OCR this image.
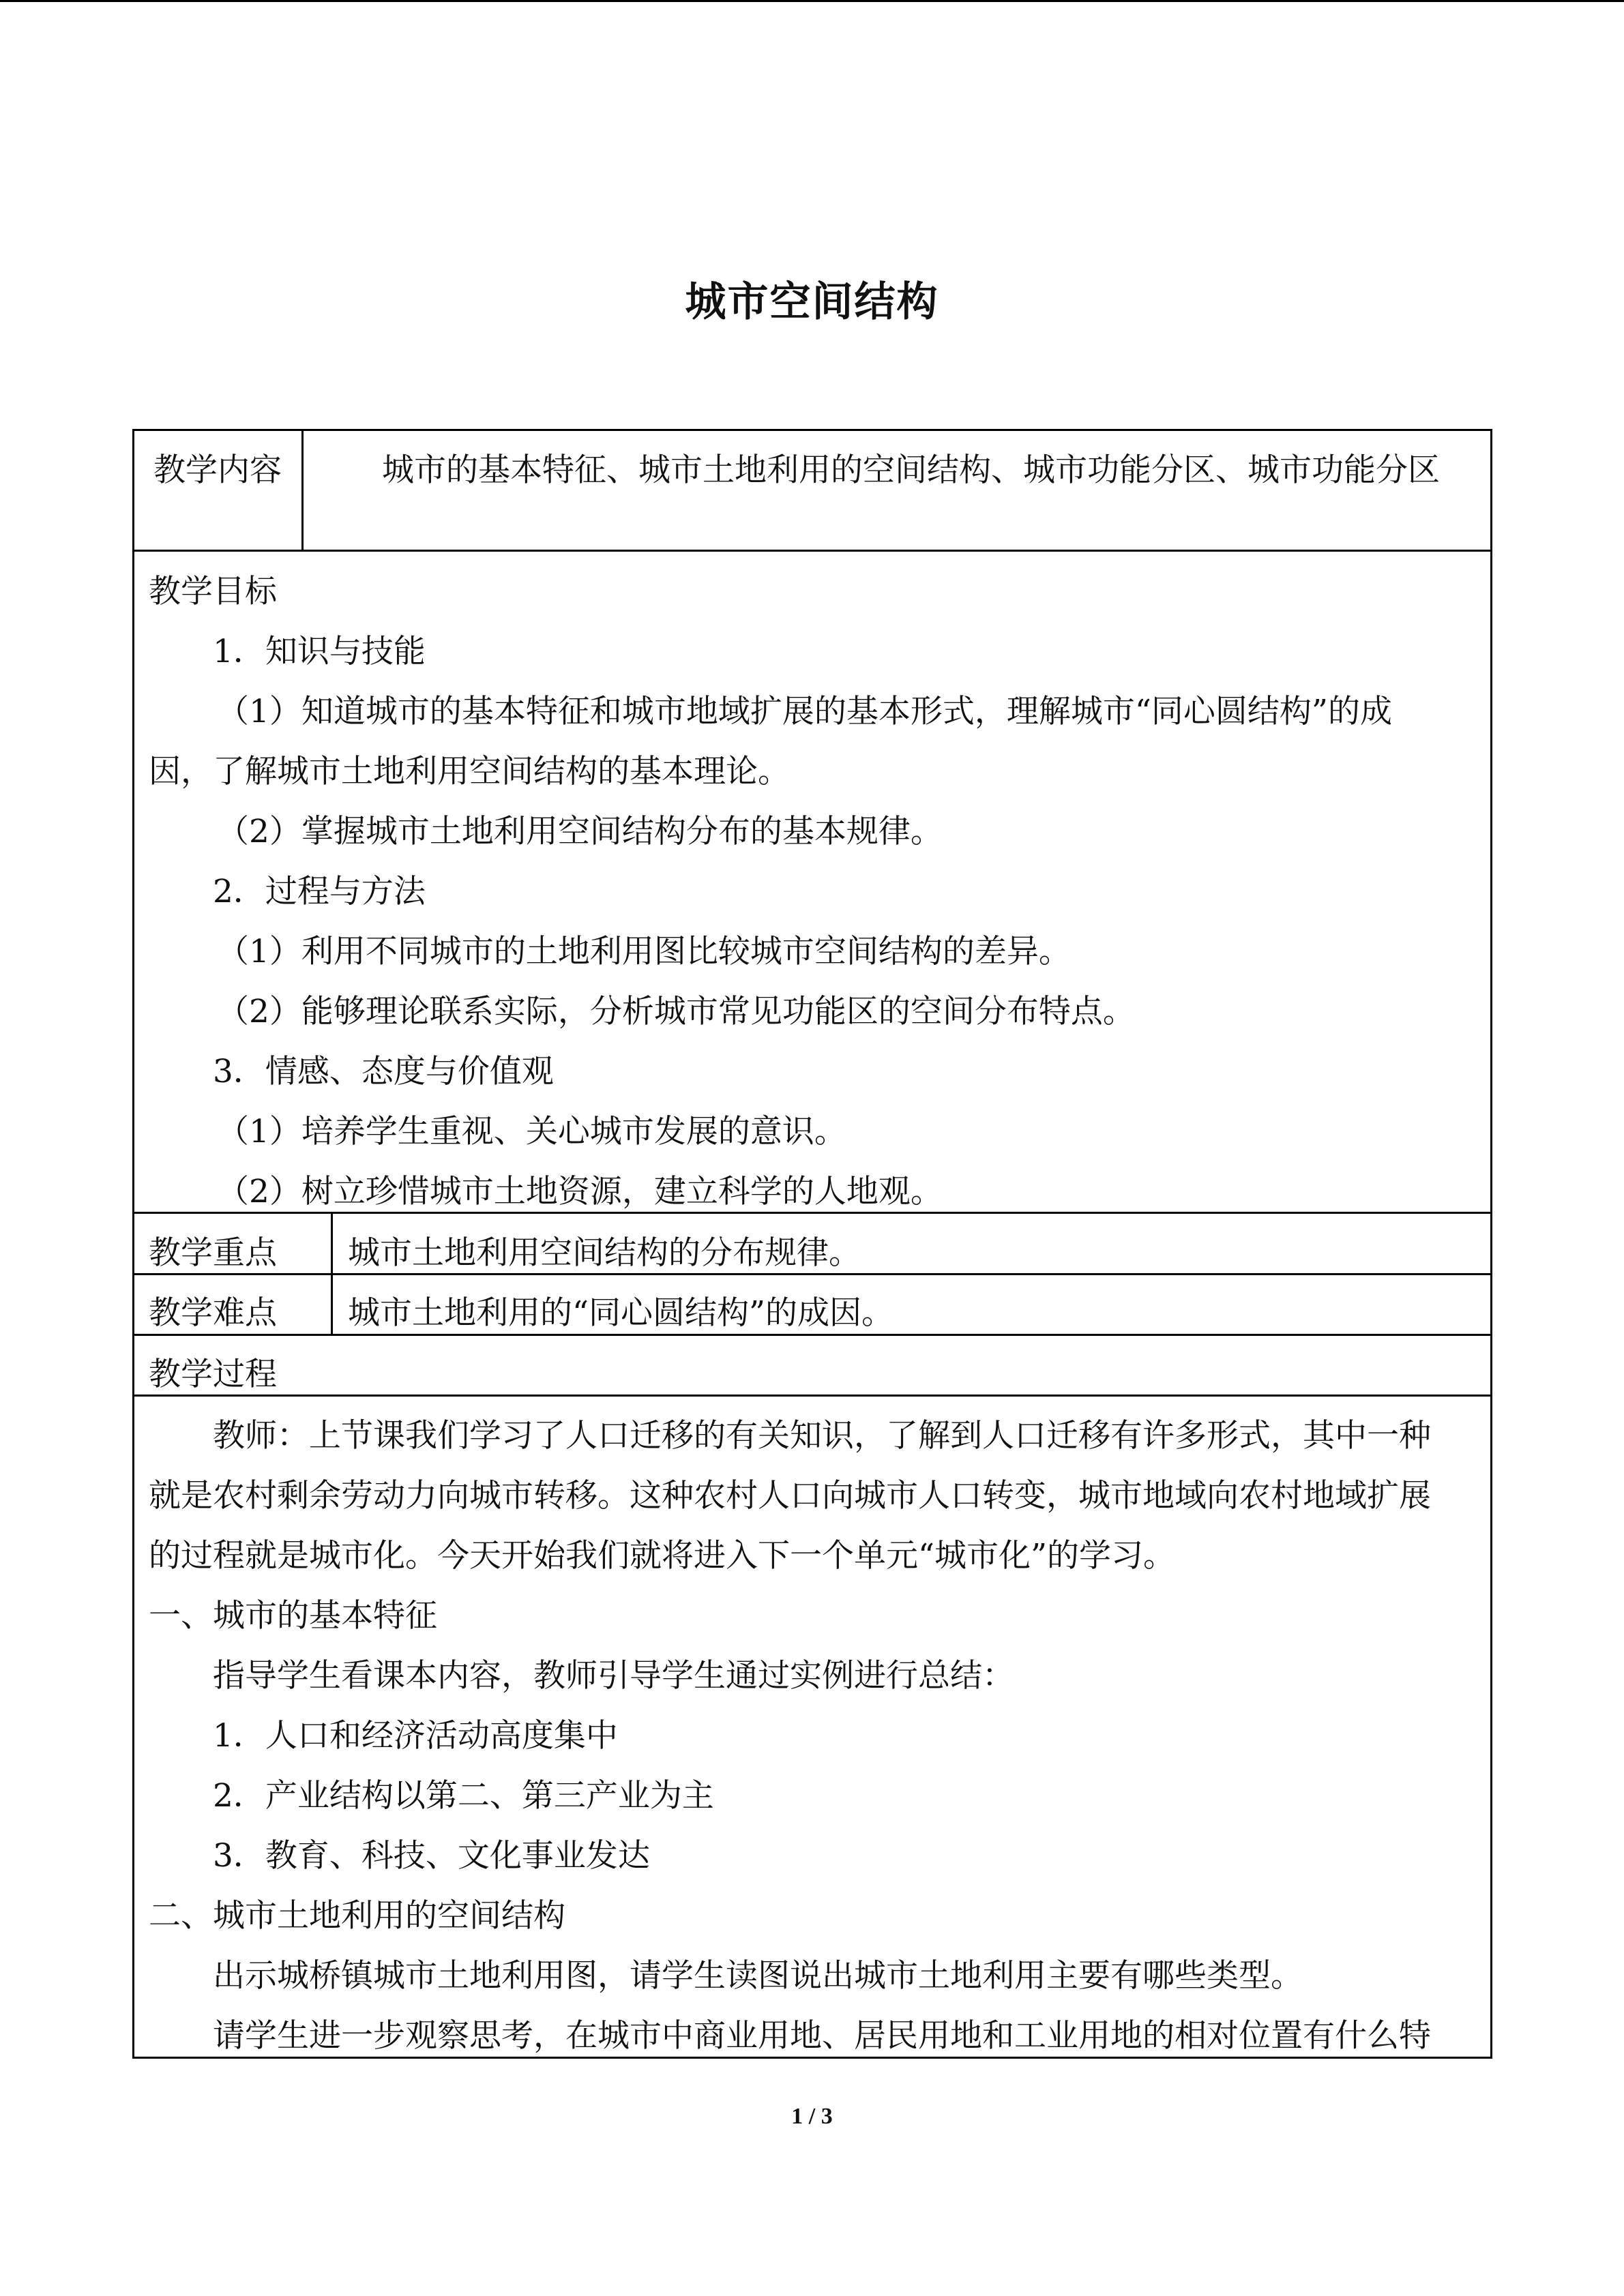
城市空间结构
教学内容	城市的基本特征、城市土地利用的空间结构、城市功能分区、城市功能分区
教学目标
1．知识与技能
（1）知道城市的基本特征和城市地域扩展的基本形式，理解城市“同心圆结构”的成
因，了解城市土地利用空间结构的基本理论。
（2）掌握城市土地利用空间结构分布的基本规律。
2．过程与方法
（1）利用不同城市的土地利用图比较城市空间结构的差异。
（2）能够理论联系实际，分析城市常见功能区的空间分布特点。
3．情感、态度与价值观
（1）培养学生重视、关心城市发展的意识。
（2）树立珍惜城市土地资源，建立科学的人地观。
教学重点 城市土地利用空间结构的分布规律。
教学难点 城市土地利用的“同心圆结构”的成因。
教学过程
教师：上节课我们学习了人口迁移的有关知识，了解到人口迁移有许多形式，其中一种
就是农村剩余劳动力向城市转移。这种农村人口向城市人口转变，城市地域向农村地域扩展
的过程就是城市化。今天开始我们就将进入下一个单元“城市化”的学习。
一、城市的基本特征
指导学生看课本内容，教师引导学生通过实例进行总结：
1．人口和经济活动高度集中
2．产业结构以第二、第三产业为主
3．教育、科技、文化事业发达
二、城市土地利用的空间结构
出示城桥镇城市土地利用图，请学生读图说出城市土地利用主要有哪些类型。
请学生进一步观察思考，在城市中商业用地、居民用地和工业用地的相对位置有什么特
1 / 3
